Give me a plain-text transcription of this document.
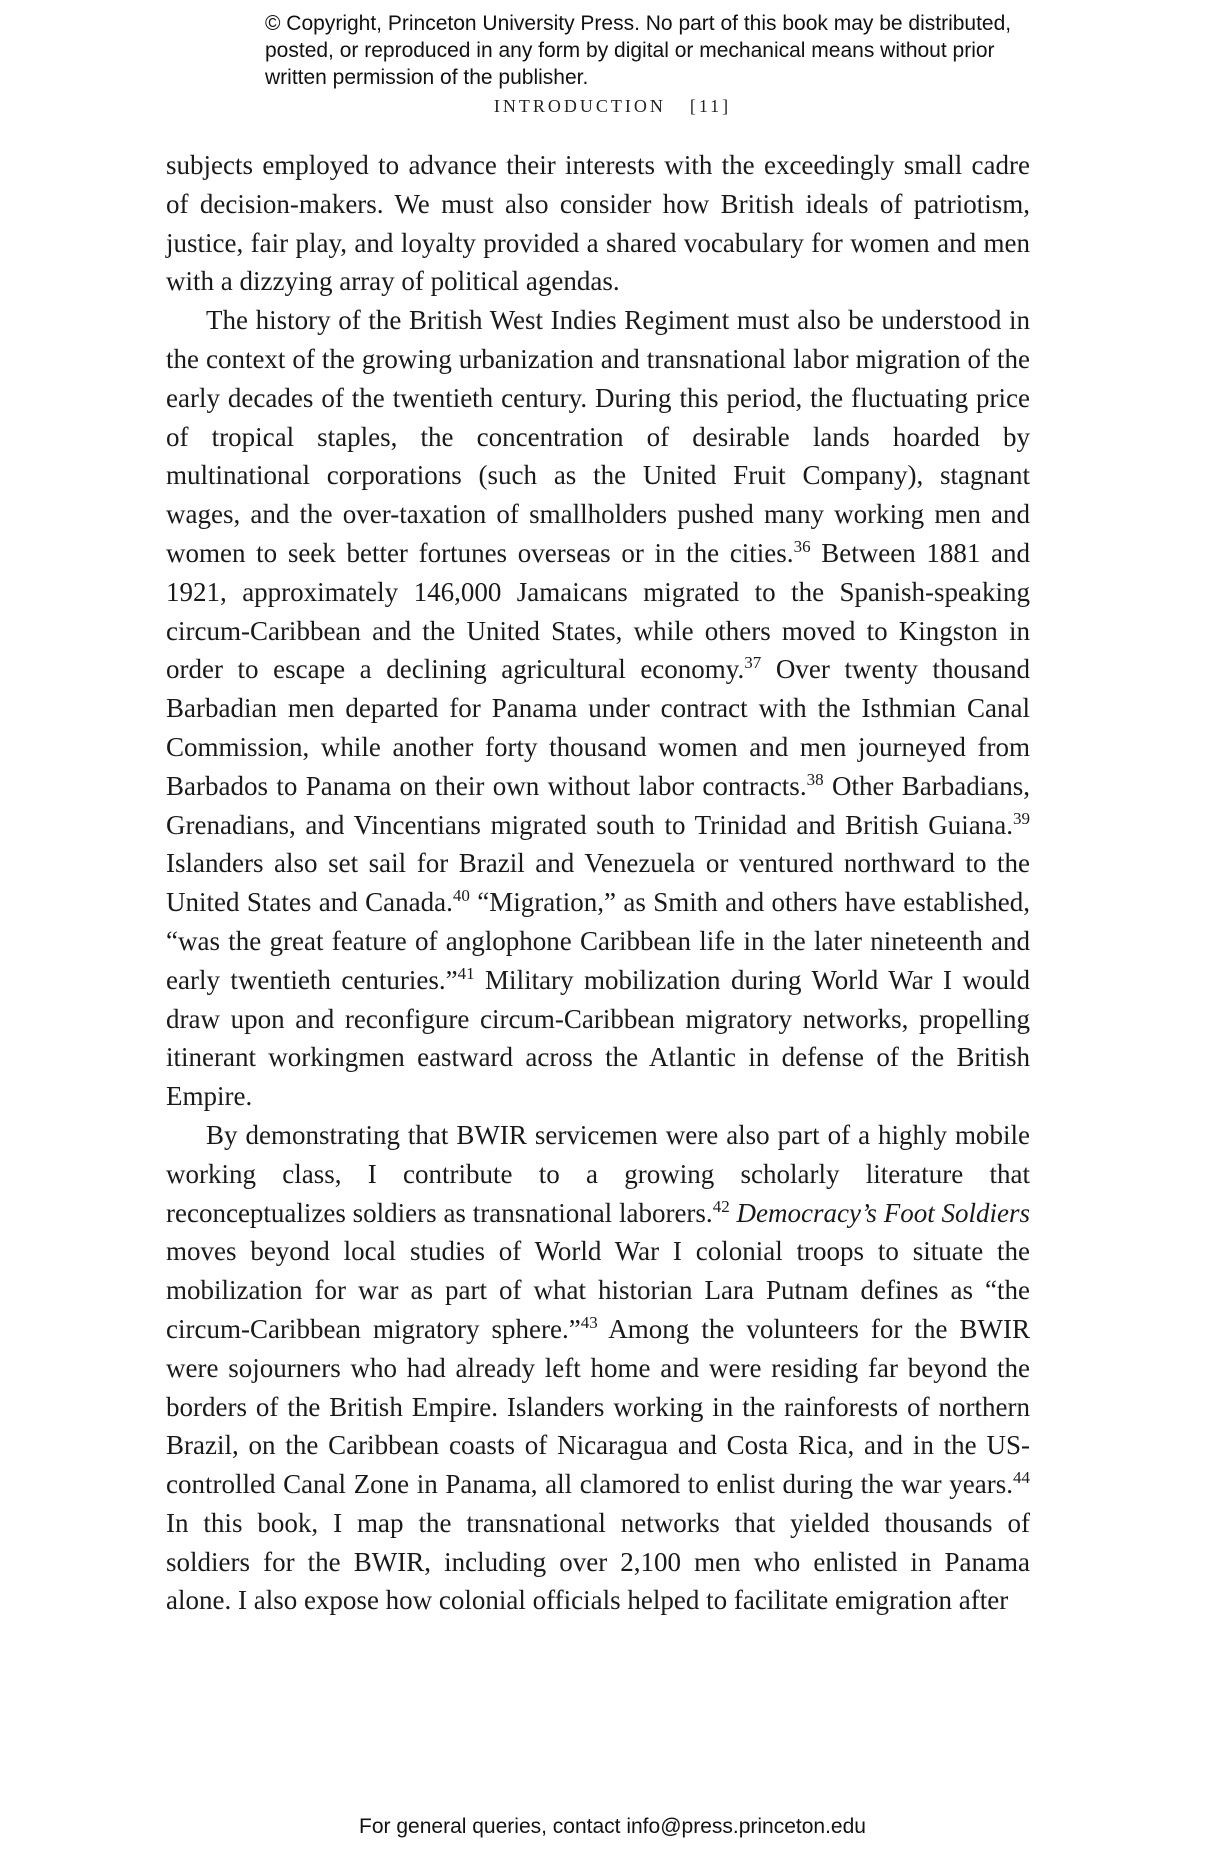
© Copyright, Princeton University Press. No part of this book may be distributed, posted, or reproduced in any form by digital or mechanical means without prior written permission of the publisher.
INTRODUCTION [11]

subjects employed to advance their interests with the exceedingly small cadre of decision-makers. We must also consider how British ideals of patriotism, justice, fair play, and loyalty provided a shared vocabulary for women and men with a dizzying array of political agendas.

The history of the British West Indies Regiment must also be understood in the context of the growing urbanization and transnational labor migration of the early decades of the twentieth century. During this period, the fluctuating price of tropical staples, the concentration of desirable lands hoarded by multinational corporations (such as the United Fruit Company), stagnant wages, and the over-taxation of smallholders pushed many working men and women to seek better fortunes overseas or in the cities.$^{36}$ Between 1881 and 1921, approximately 146,000 Jamaicans migrated to the Spanish-speaking circum-Caribbean and the United States, while others moved to Kingston in order to escape a declining agricultural economy.$^{37}$ Over twenty thousand Barbadian men departed for Panama under contract with the Isthmian Canal Commission, while another forty thousand women and men journeyed from Barbados to Panama on their own without labor contracts.$^{38}$ Other Barbadians, Grenadians, and Vincentians migrated south to Trinidad and British Guiana.$^{39}$ Islanders also set sail for Brazil and Venezuela or ventured northward to the United States and Canada.$^{40}$ “Migration,” as Smith and others have established, “was the great feature of anglophone Caribbean life in the later nineteenth and early twentieth centuries.”$^{41}$ Military mobilization during World War I would draw upon and reconfigure circum-Caribbean migratory networks, propelling itinerant workingmen eastward across the Atlantic in defense of the British Empire.

By demonstrating that BWIR servicemen were also part of a highly mobile working class, I contribute to a growing scholarly literature that reconceptualizes soldiers as transnational laborers.$^{42}$ Democracy’s Foot Soldiers moves beyond local studies of World War I colonial troops to situate the mobilization for war as part of what historian Lara Putnam defines as “the circum-Caribbean migratory sphere.”$^{43}$ Among the volunteers for the BWIR were sojourners who had already left home and were residing far beyond the borders of the British Empire. Islanders working in the rainforests of northern Brazil, on the Caribbean coasts of Nicaragua and Costa Rica, and in the US-controlled Canal Zone in Panama, all clamored to enlist during the war years.$^{44}$ In this book, I map the transnational networks that yielded thousands of soldiers for the BWIR, including over 2,100 men who enlisted in Panama alone. I also expose how colonial officials helped to facilitate emigration after

For general queries, contact info@press.princeton.edu
